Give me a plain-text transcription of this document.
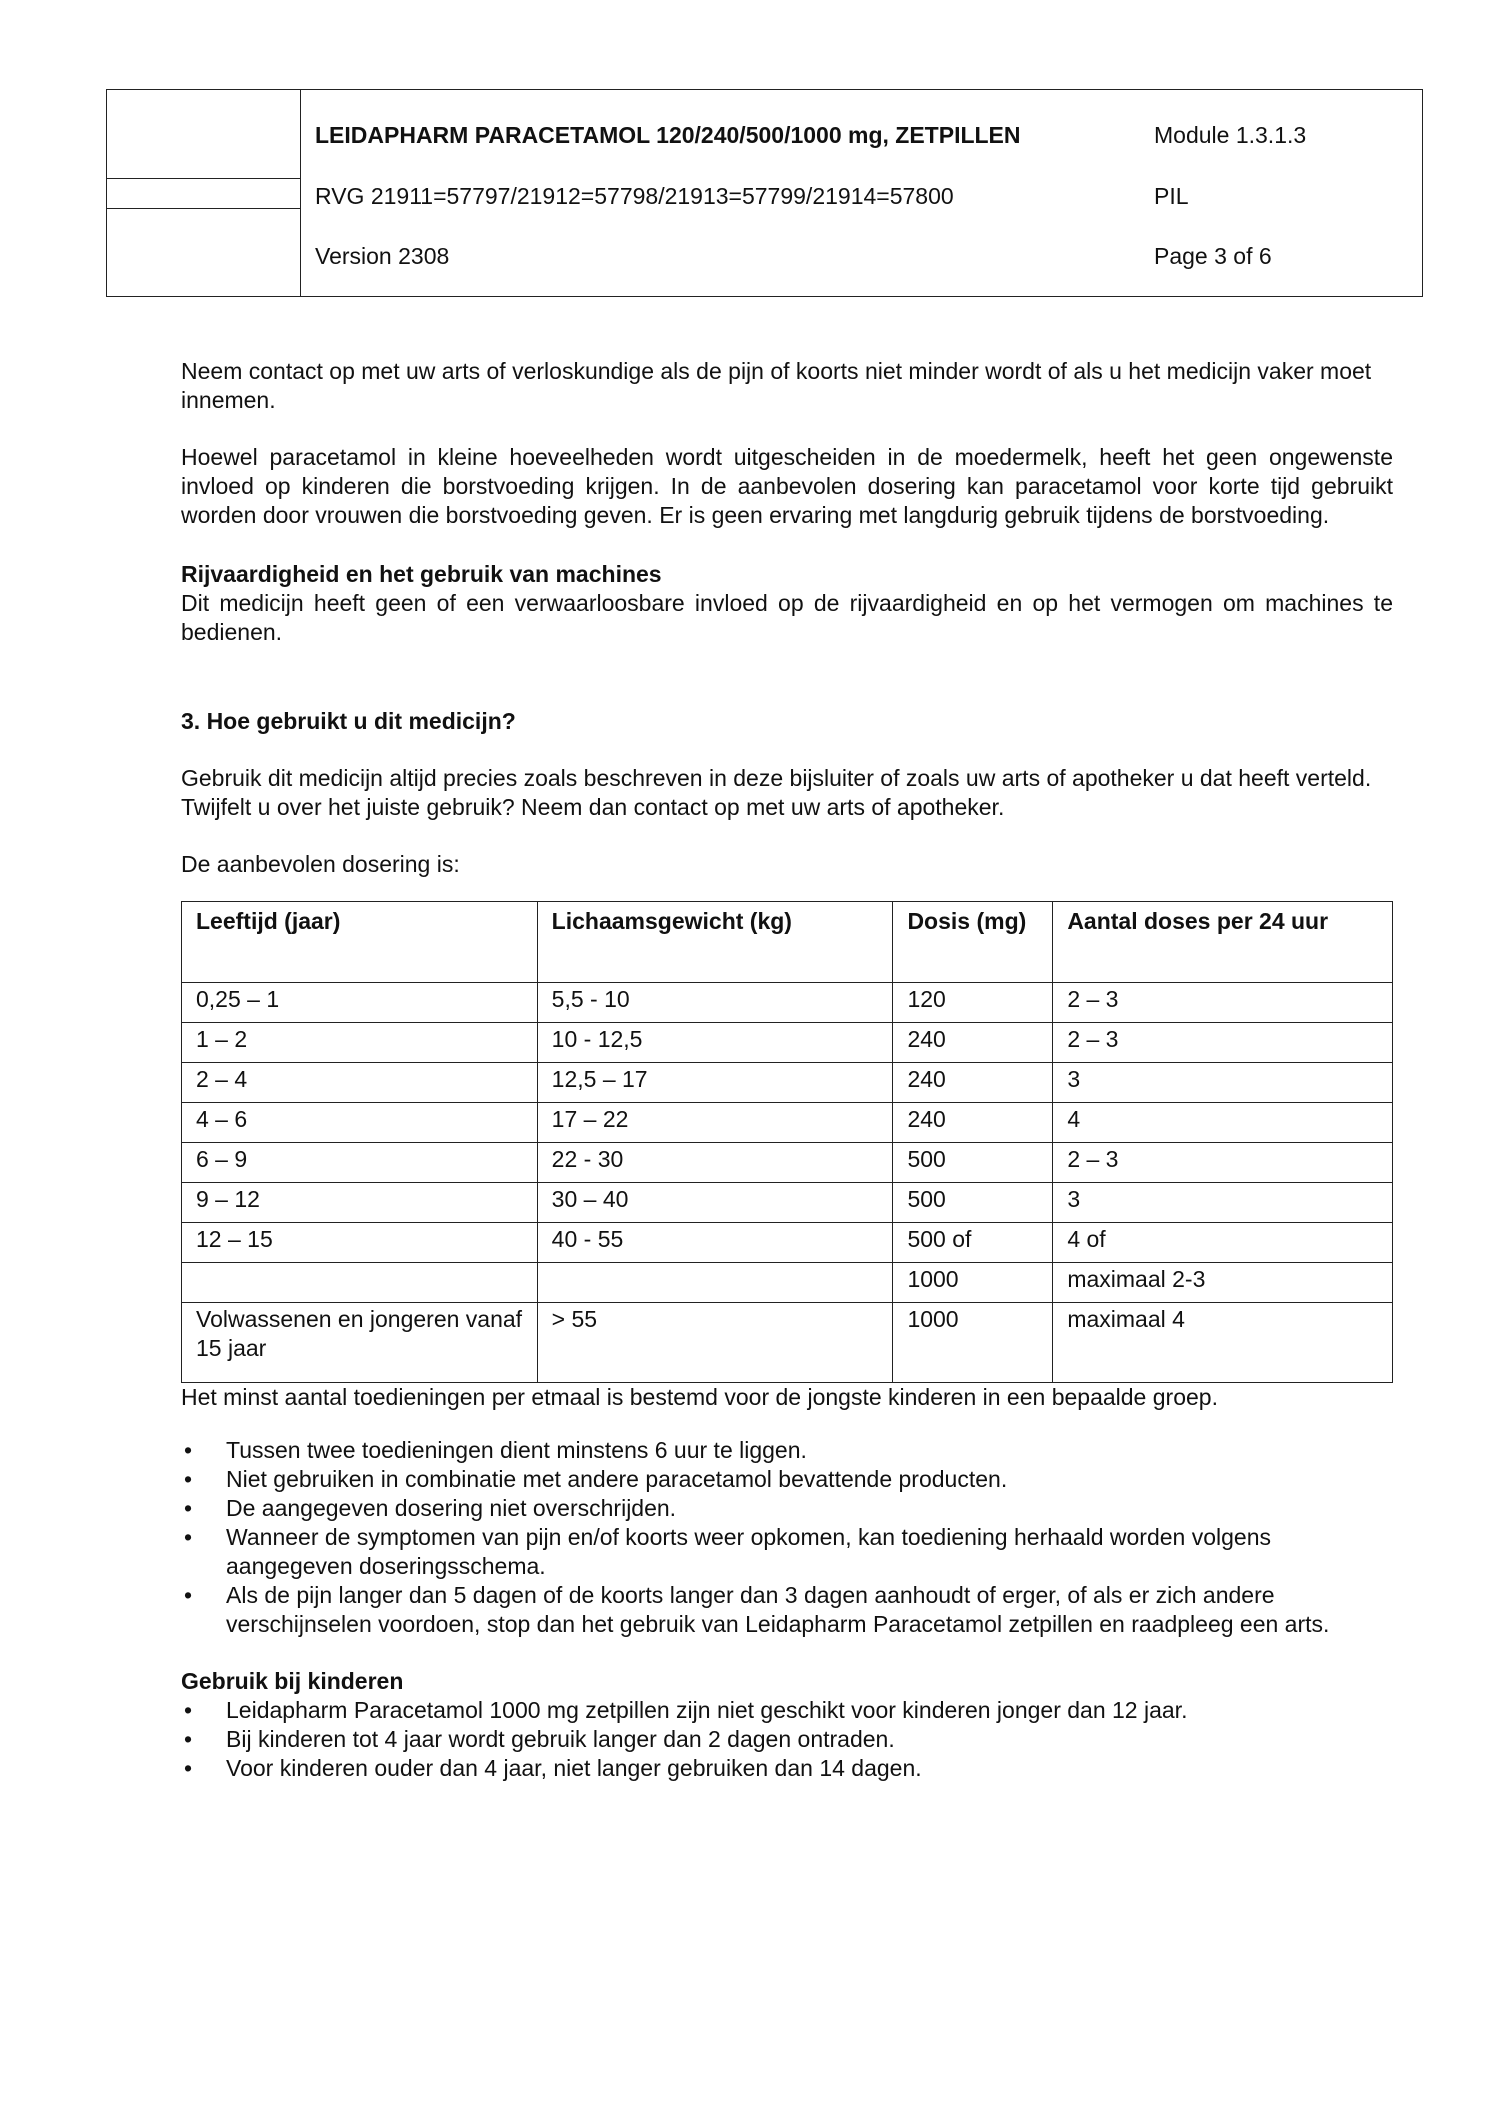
LEIDAPHARM PARACETAMOL 120/240/500/1000 mg, ZETPILLEN	Module 1.3.1.3
RVG 21911=57797/21912=57798/21913=57799/21914=57800	PIL
Version 2308	Page 3 of 6

Neem contact op met uw arts of verloskundige als de pijn of koorts niet minder wordt of als u het medicijn vaker moet innemen.

Hoewel paracetamol in kleine hoeveelheden wordt uitgescheiden in de moedermelk, heeft het geen ongewenste invloed op kinderen die borstvoeding krijgen. In de aanbevolen dosering kan paracetamol voor korte tijd gebruikt worden door vrouwen die borstvoeding geven. Er is geen ervaring met langdurig gebruik tijdens de borstvoeding.

Rijvaardigheid en het gebruik van machines

Dit medicijn heeft geen of een verwaarloosbare invloed op de rijvaardigheid en op het vermogen om machines te bedienen.

3. Hoe gebruikt u dit medicijn?

Gebruik dit medicijn altijd precies zoals beschreven in deze bijsluiter of zoals uw arts of apotheker u dat heeft verteld. Twijfelt u over het juiste gebruik? Neem dan contact op met uw arts of apotheker.

De aanbevolen dosering is:

Leeftijd (jaar)	Lichaamsgewicht (kg)	Dosis (mg)	Aantal doses per 24 uur
0,25 – 1	5,5 - 10	120	2 – 3
1 – 2	10 - 12,5	240	2 – 3
2 – 4	12,5 – 17	240	3
4 – 6	17 – 22	240	4
6 – 9	22 - 30	500	2 – 3
9 – 12	30 – 40	500	3
12 – 15	40 - 55	500 of	4 of
		1000	maximaal 2-3
Volwassenen en jongeren vanaf 15 jaar	> 55	1000	maximaal 4

Het minst aantal toedieningen per etmaal is bestemd voor de jongste kinderen in een bepaalde groep.

• Tussen twee toedieningen dient minstens 6 uur te liggen.
• Niet gebruiken in combinatie met andere paracetamol bevattende producten.
• De aangegeven dosering niet overschrijden.
• Wanneer de symptomen van pijn en/of koorts weer opkomen, kan toediening herhaald worden volgens aangegeven doseringsschema.
• Als de pijn langer dan 5 dagen of de koorts langer dan 3 dagen aanhoudt of erger, of als er zich andere verschijnselen voordoen, stop dan het gebruik van Leidapharm Paracetamol zetpillen en raadpleeg een arts.

Gebruik bij kinderen

• Leidapharm Paracetamol 1000 mg zetpillen zijn niet geschikt voor kinderen jonger dan 12 jaar.
• Bij kinderen tot 4 jaar wordt gebruik langer dan 2 dagen ontraden.
• Voor kinderen ouder dan 4 jaar, niet langer gebruiken dan 14 dagen.
